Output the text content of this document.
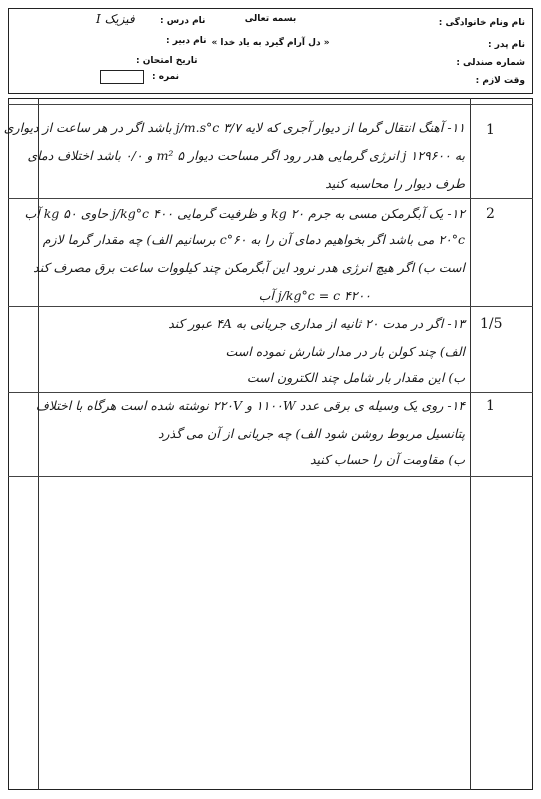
نام ونام خانوادگی :
نام پدر :
شماره صندلی :
وقت لازم :
بسمه تعالی
« دل آرام گیرد به یاد خدا »
نام درس :
فیزیک I
نام دبیر :
تاریخ امتحان :
نمره :
1
۱۱- آهنگ انتقال گرما از دیوار آجری که لایه ۳/۷ j/m.s°c باشد اگر در هر ساعت از دیواری
به ۱۲۹۶۰۰ j انرژی گرمایی هدر رود اگر مساحت دیوار ۵ m² و ۰/۰ باشد اختلاف دمای
طرف دیوار را محاسبه کنید
2
۱۲- یک آبگرمکن مسی به جرم ۲۰ kg و ظرفیت گرمایی ۴۰۰ j/kg°c حاوی ۵۰ kg آب
۲۰°c می باشد اگر بخواهیم دمای آن را به ۶۰°c برسانیم الف) چه مقدار گرما لازم
است ب) اگر هیچ انرژی هدر نرود این آبگرمکن چند کیلووات ساعت برق مصرف کند
۴۲۰۰ j/kg°c = c آب
1/5
۱۳- اگر در مدت ۲۰ ثانیه از مداری جریانی به ۴A عبور کند
الف) چند کولن بار در مدار شارش نموده است
ب) این مقدار بار شامل چند الکترون است
1
۱۴- روی یک وسیله ی برقی عدد ۱۱۰۰W و ۲۲۰V نوشته شده است هرگاه با اختلاف
پتانسیل مربوط روشن شود الف) چه جریانی از آن می گذرد
ب) مقاومت آن را حساب کنید
